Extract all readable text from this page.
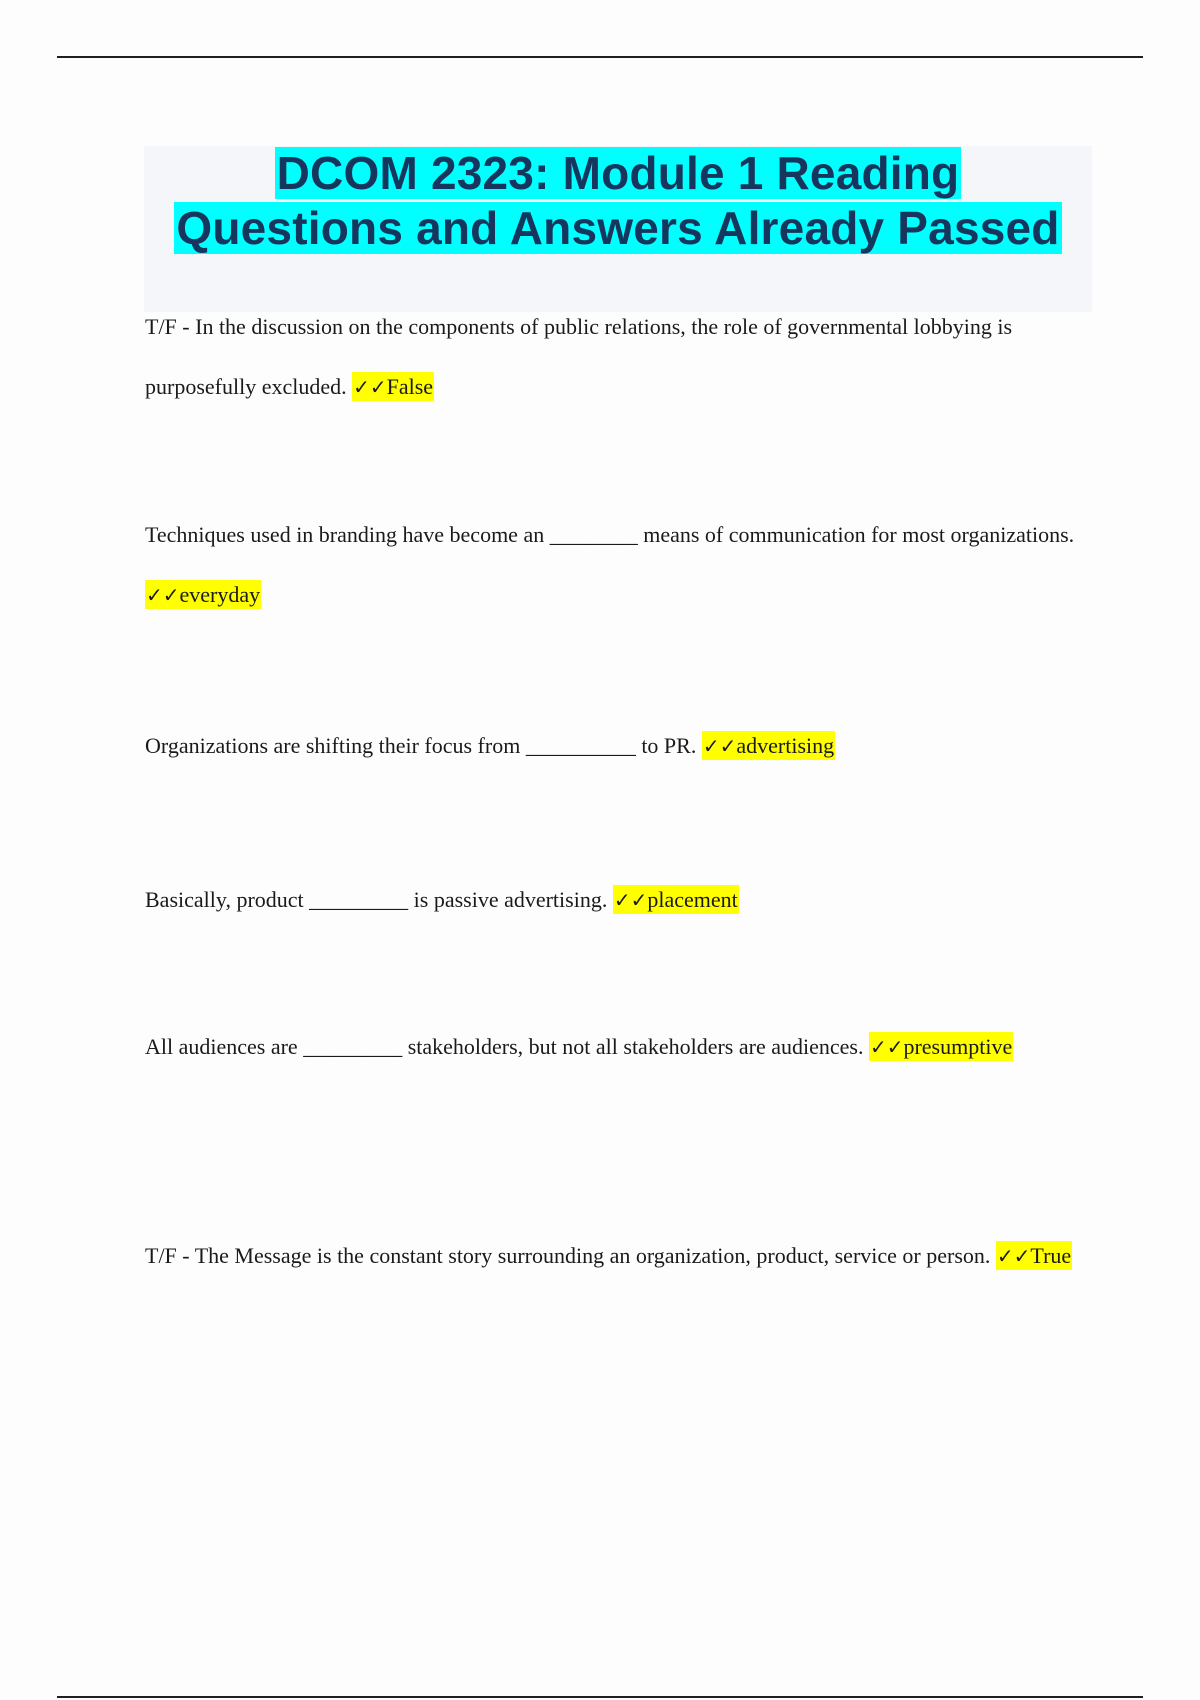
DCOM 2323: Module 1 Reading
Questions and Answers Already Passed

T/F - In the discussion on the components of public relations, the role of governmental lobbying is purposefully excluded. ✓✓False

Techniques used in branding have become an ________ means of communication for most organizations. ✓✓everyday

Organizations are shifting their focus from __________ to PR. ✓✓advertising

Basically, product _________ is passive advertising. ✓✓placement

All audiences are _________ stakeholders, but not all stakeholders are audiences. ✓✓presumptive

T/F - The Message is the constant story surrounding an organization, product, service or person. ✓✓True
